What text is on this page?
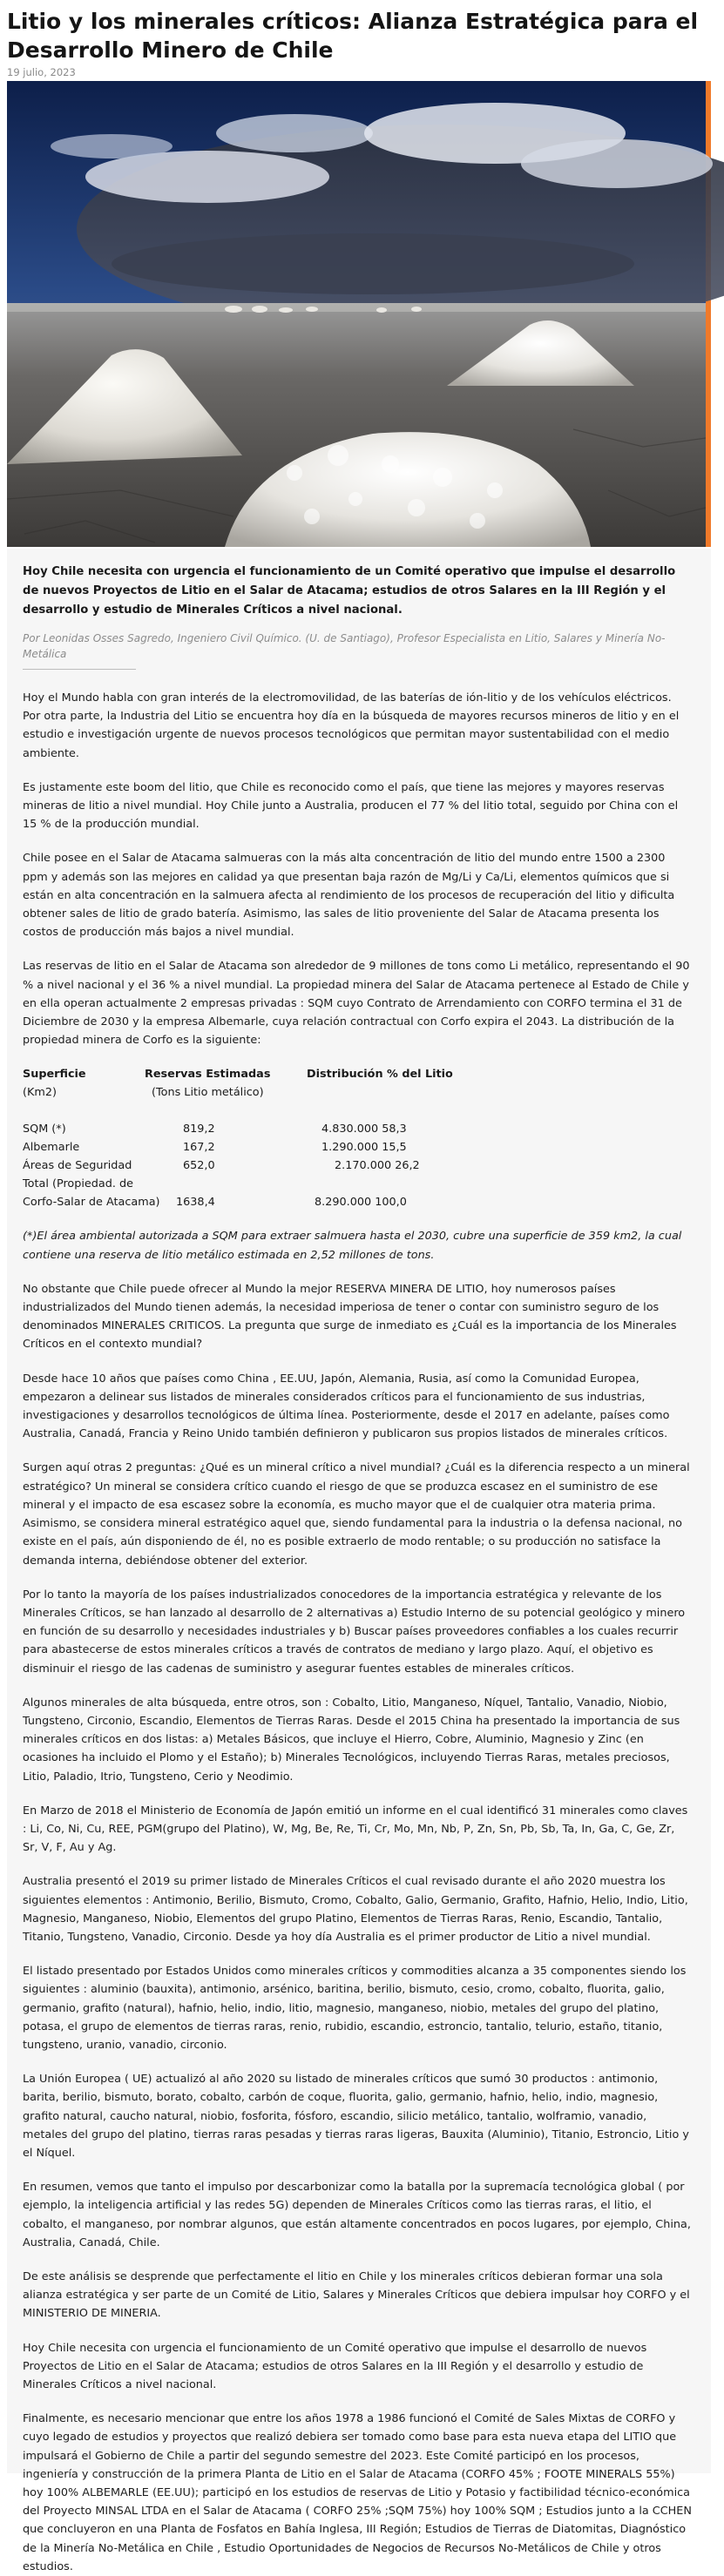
Litio y los minerales críticos: Alianza Estratégica para el Desarrollo Minero de Chile
19 julio, 2023

Hoy Chile necesita con urgencia el funcionamiento de un Comité operativo que impulse el desarrollo de nuevos Proyectos de Litio en el Salar de Atacama; estudios de otros Salares en la III Región y el desarrollo y estudio de Minerales Críticos a nivel nacional.

Por Leonidas Osses Sagredo, Ingeniero Civil Químico. (U. de Santiago), Profesor Especialista en Litio, Salares y Minería No-Metálica

Hoy el Mundo habla con gran interés de la electromovilidad, de las baterías de ión-litio y de los vehículos eléctricos. Por otra parte, la Industria del Litio se encuentra hoy día en la búsqueda de mayores recursos mineros de litio y en el estudio e investigación urgente de nuevos procesos tecnológicos que permitan mayor sustentabilidad con el medio ambiente.

Es justamente este boom del litio, que Chile es reconocido como el país, que tiene las mejores y mayores reservas mineras de litio a nivel mundial. Hoy Chile junto a Australia, producen el 77 % del litio total, seguido por China con el 15 % de la producción mundial.

Chile posee en el Salar de Atacama salmueras con la más alta concentración de litio del mundo entre 1500 a 2300 ppm y además son las mejores en calidad ya que presentan baja razón de Mg/Li y Ca/Li, elementos químicos que si están en alta concentración en la salmuera afecta al rendimiento de los procesos de recuperación del litio y dificulta obtener sales de litio de grado batería. Asimismo, las sales de litio proveniente del Salar de Atacama presenta los costos de producción más bajos a nivel mundial.

Las reservas de litio en el Salar de Atacama son alrededor de 9 millones de tons como Li metálico, representando el 90 % a nivel nacional y el 36 % a nivel mundial. La propiedad minera del Salar de Atacama pertenece al Estado de Chile y en ella operan actualmente 2 empresas privadas : SQM cuyo Contrato de Arrendamiento con CORFO termina el 31 de Diciembre de 2030 y la empresa Albemarle, cuya relación contractual con Corfo expira el 2043. La distribución de la propiedad minera de Corfo es la siguiente:

Superficie	Reservas Estimadas	Distribución % del Litio
(Km2)	(Tons Litio metálico)
SQM (*)	819,2	4.830.000 58,3
Albemarle	167,2	1.290.000 15,5
Áreas de Seguridad	652,0	2.170.000 26,2
Total (Propiedad. de
Corfo-Salar de Atacama) 1638,4	8.290.000 100,0

(*)El área ambiental autorizada a SQM para extraer salmuera hasta el 2030, cubre una superficie de 359 km2, la cual contiene una reserva de litio metálico estimada en 2,52 millones de tons.

No obstante que Chile puede ofrecer al Mundo la mejor RESERVA MINERA DE LITIO, hoy numerosos países industrializados del Mundo tienen además, la necesidad imperiosa de tener o contar con suministro seguro de los denominados MINERALES CRITICOS. La pregunta que surge de inmediato es ¿Cuál es la importancia de los Minerales Críticos en el contexto mundial?

Desde hace 10 años que países como China , EE.UU, Japón, Alemania, Rusia, así como la Comunidad Europea, empezaron a delinear sus listados de minerales considerados críticos para el funcionamiento de sus industrias, investigaciones y desarrollos tecnológicos de última línea. Posteriormente, desde el 2017 en adelante, países como Australia, Canadá, Francia y Reino Unido también definieron y publicaron sus propios listados de minerales críticos.

Surgen aquí otras 2 preguntas: ¿Qué es un mineral crítico a nivel mundial? ¿Cuál es la diferencia respecto a un mineral estratégico? Un mineral se considera crítico cuando el riesgo de que se produzca escasez en el suministro de ese mineral y el impacto de esa escasez sobre la economía, es mucho mayor que el de cualquier otra materia prima. Asimismo, se considera mineral estratégico aquel que, siendo fundamental para la industria o la defensa nacional, no existe en el país, aún disponiendo de él, no es posible extraerlo de modo rentable; o su producción no satisface la demanda interna, debiéndose obtener del exterior.

Por lo tanto la mayoría de los países industrializados conocedores de la importancia estratégica y relevante de los Minerales Críticos, se han lanzado al desarrollo de 2 alternativas a) Estudio Interno de su potencial geológico y minero en función de su desarrollo y necesidades industriales y b) Buscar países proveedores confiables a los cuales recurrir para abastecerse de estos minerales críticos a través de contratos de mediano y largo plazo. Aquí, el objetivo es disminuir el riesgo de las cadenas de suministro y asegurar fuentes estables de minerales críticos.

Algunos minerales de alta búsqueda, entre otros, son : Cobalto, Litio, Manganeso, Níquel, Tantalio, Vanadio, Niobio, Tungsteno, Circonio, Escandio, Elementos de Tierras Raras. Desde el 2015 China ha presentado la importancia de sus minerales críticos en dos listas: a) Metales Básicos, que incluye el Hierro, Cobre, Aluminio, Magnesio y Zinc (en ocasiones ha incluido el Plomo y el Estaño); b) Minerales Tecnológicos, incluyendo Tierras Raras, metales preciosos, Litio, Paladio, Itrio, Tungsteno, Cerio y Neodimio.

En Marzo de 2018 el Ministerio de Economía de Japón emitió un informe en el cual identificó 31 minerales como claves : Li, Co, Ni, Cu, REE, PGM(grupo del Platino), W, Mg, Be, Re, Ti, Cr, Mo, Mn, Nb, P, Zn, Sn, Pb, Sb, Ta, In, Ga, C, Ge, Zr, Sr, V, F, Au y Ag.

Australia presentó el 2019 su primer listado de Minerales Críticos el cual revisado durante el año 2020 muestra los siguientes elementos : Antimonio, Berilio, Bismuto, Cromo, Cobalto, Galio, Germanio, Grafito, Hafnio, Helio, Indio, Litio, Magnesio, Manganeso, Niobio, Elementos del grupo Platino, Elementos de Tierras Raras, Renio, Escandio, Tantalio, Titanio, Tungsteno, Vanadio, Circonio. Desde ya hoy día Australia es el primer productor de Litio a nivel mundial.

El listado presentado por Estados Unidos como minerales críticos y commodities alcanza a 35 componentes siendo los siguientes : aluminio (bauxita), antimonio, arsénico, baritina, berilio, bismuto, cesio, cromo, cobalto, fluorita, galio, germanio, grafito (natural), hafnio, helio, indio, litio, magnesio, manganeso, niobio, metales del grupo del platino, potasa, el grupo de elementos de tierras raras, renio, rubidio, escandio, estroncio, tantalio, telurio, estaño, titanio, tungsteno, uranio, vanadio, circonio.

La Unión Europea ( UE) actualizó al año 2020 su listado de minerales críticos que sumó 30 productos : antimonio, barita, berilio, bismuto, borato, cobalto, carbón de coque, fluorita, galio, germanio, hafnio, helio, indio, magnesio, grafito natural, caucho natural, niobio, fosforita, fósforo, escandio, silicio metálico, tantalio, wolframio, vanadio, metales del grupo del platino, tierras raras pesadas y tierras raras ligeras, Bauxita (Aluminio), Titanio, Estroncio, Litio y el Níquel.

En resumen, vemos que tanto el impulso por descarbonizar como la batalla por la supremacía tecnológica global ( por ejemplo, la inteligencia artificial y las redes 5G) dependen de Minerales Críticos como las tierras raras, el litio, el cobalto, el manganeso, por nombrar algunos, que están altamente concentrados en pocos lugares, por ejemplo, China, Australia, Canadá, Chile.

De este análisis se desprende que perfectamente el litio en Chile y los minerales críticos debieran formar una sola alianza estratégica y ser parte de un Comité de Litio, Salares y Minerales Críticos que debiera impulsar hoy CORFO y el MINISTERIO DE MINERIA.

Hoy Chile necesita con urgencia el funcionamiento de un Comité operativo que impulse el desarrollo de nuevos Proyectos de Litio en el Salar de Atacama; estudios de otros Salares en la III Región y el desarrollo y estudio de Minerales Críticos a nivel nacional.

Finalmente, es necesario mencionar que entre los años 1978 a 1986 funcionó el Comité de Sales Mixtas de CORFO y cuyo legado de estudios y proyectos que realizó debiera ser tomado como base para esta nueva etapa del LITIO que impulsará el Gobierno de Chile a partir del segundo semestre del 2023. Este Comité participó en los procesos, ingeniería y construcción de la primera Planta de Litio en el Salar de Atacama (CORFO 45% ; FOOTE MINERALS 55%) hoy 100% ALBEMARLE (EE.UU); participó en los estudios de reservas de Litio y Potasio y factibilidad técnico-económica del Proyecto MINSAL LTDA en el Salar de Atacama ( CORFO 25% ;SQM 75%) hoy 100% SQM ; Estudios junto a la CCHEN que concluyeron en una Planta de Fosfatos en Bahía Inglesa, III Región; Estudios de Tierras de Diatomitas, Diagnóstico de la Minería No-Metálica en Chile , Estudio Oportunidades de Negocios de Recursos No-Metálicos de Chile y otros estudios.
